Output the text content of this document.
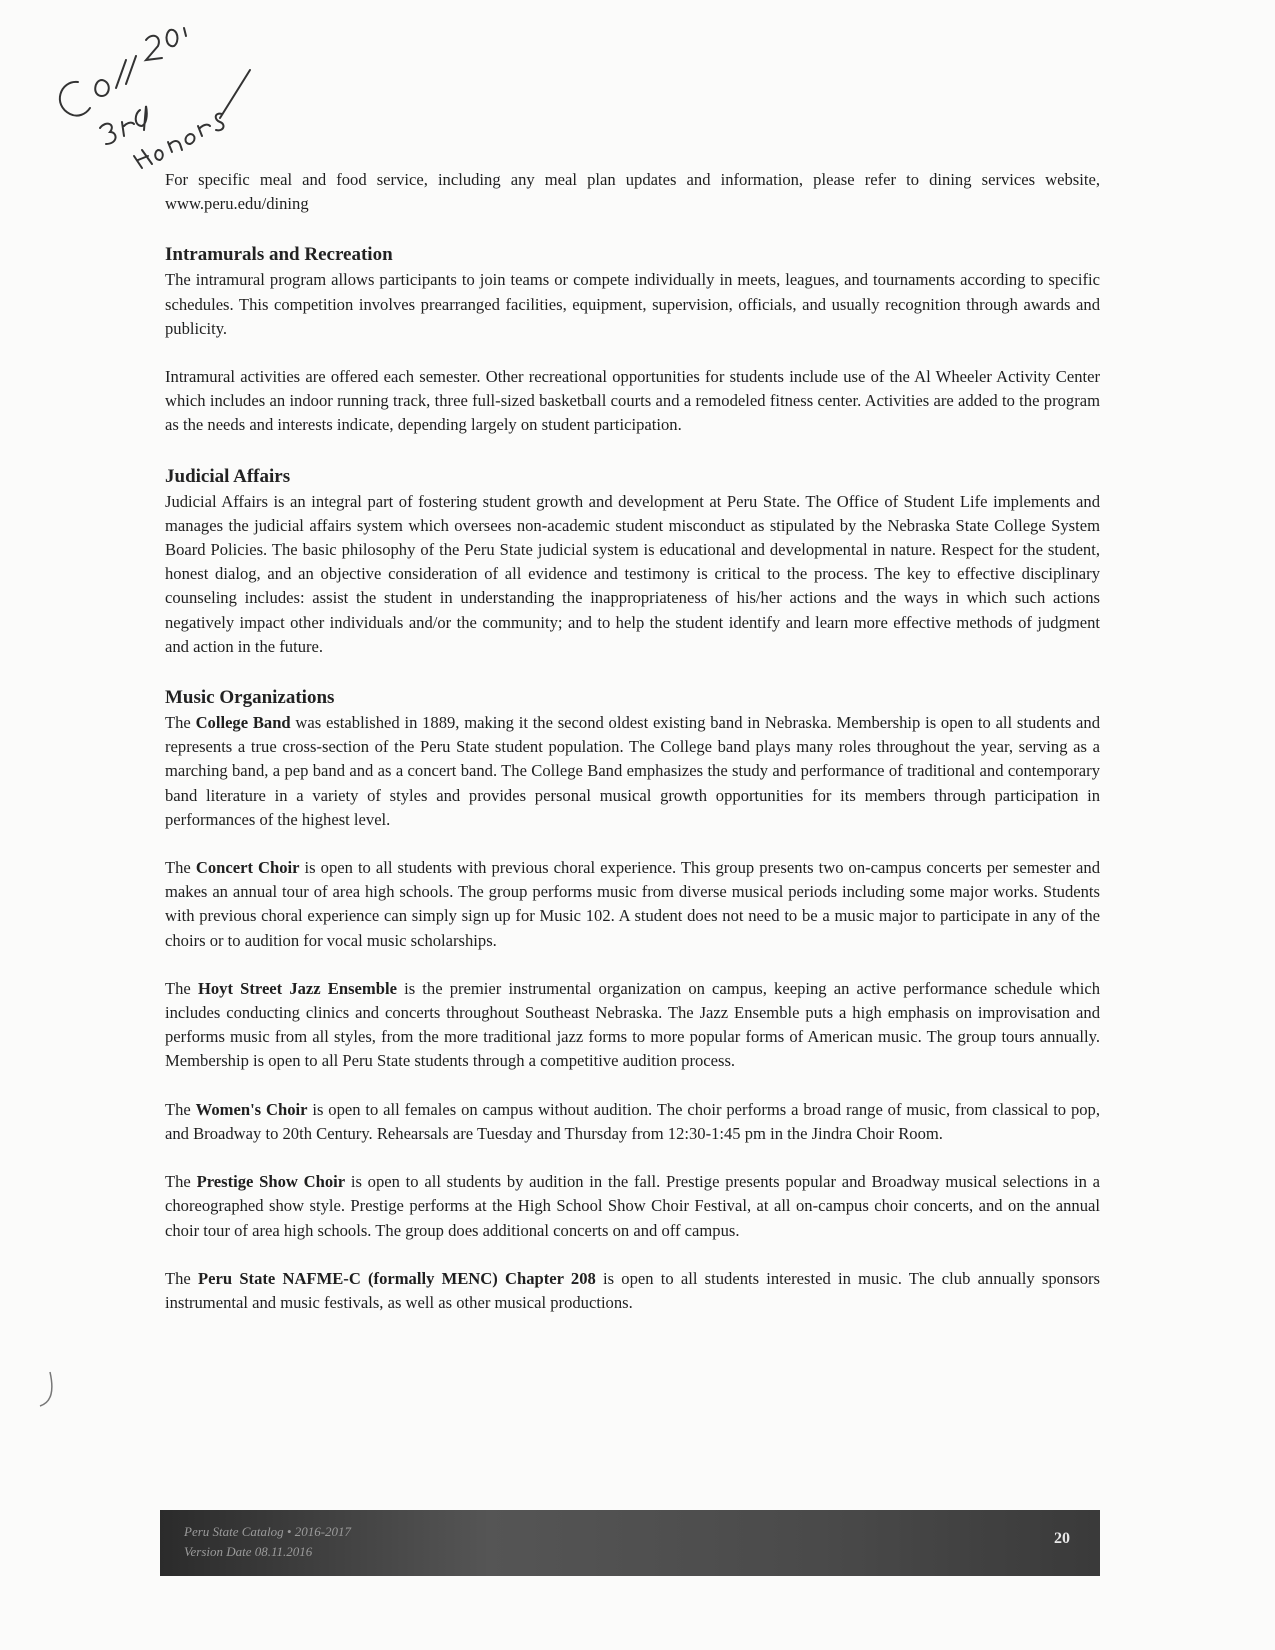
For specific meal and food service, including any meal plan updates and information, please refer to dining services website, www.peru.edu/dining

Intramurals and Recreation

The intramural program allows participants to join teams or compete individually in meets, leagues, and tournaments according to specific schedules. This competition involves prearranged facilities, equipment, supervision, officials, and usually recognition through awards and publicity.

Intramural activities are offered each semester. Other recreational opportunities for students include use of the Al Wheeler Activity Center which includes an indoor running track, three full-sized basketball courts and a remodeled fitness center. Activities are added to the program as the needs and interests indicate, depending largely on student participation.

Judicial Affairs

Judicial Affairs is an integral part of fostering student growth and development at Peru State. The Office of Student Life implements and manages the judicial affairs system which oversees non-academic student misconduct as stipulated by the Nebraska State College System Board Policies. The basic philosophy of the Peru State judicial system is educational and developmental in nature. Respect for the student, honest dialog, and an objective consideration of all evidence and testimony is critical to the process. The key to effective disciplinary counseling includes: assist the student in understanding the inappropriateness of his/her actions and the ways in which such actions negatively impact other individuals and/or the community; and to help the student identify and learn more effective methods of judgment and action in the future.

Music Organizations

The College Band was established in 1889, making it the second oldest existing band in Nebraska. Membership is open to all students and represents a true cross-section of the Peru State student population. The College band plays many roles throughout the year, serving as a marching band, a pep band and as a concert band. The College Band emphasizes the study and performance of traditional and contemporary band literature in a variety of styles and provides personal musical growth opportunities for its members through participation in performances of the highest level.

The Concert Choir is open to all students with previous choral experience. This group presents two on-campus concerts per semester and makes an annual tour of area high schools. The group performs music from diverse musical periods including some major works. Students with previous choral experience can simply sign up for Music 102. A student does not need to be a music major to participate in any of the choirs or to audition for vocal music scholarships.

The Hoyt Street Jazz Ensemble is the premier instrumental organization on campus, keeping an active performance schedule which includes conducting clinics and concerts throughout Southeast Nebraska. The Jazz Ensemble puts a high emphasis on improvisation and performs music from all styles, from the more traditional jazz forms to more popular forms of American music. The group tours annually. Membership is open to all Peru State students through a competitive audition process.

The Women's Choir is open to all females on campus without audition. The choir performs a broad range of music, from classical to pop, and Broadway to 20th Century. Rehearsals are Tuesday and Thursday from 12:30-1:45 pm in the Jindra Choir Room.

The Prestige Show Choir is open to all students by audition in the fall. Prestige presents popular and Broadway musical selections in a choreographed show style. Prestige performs at the High School Show Choir Festival, at all on-campus choir concerts, and on the annual choir tour of area high schools. The group does additional concerts on and off campus.

The Peru State NAFME-C (formally MENC) Chapter 208 is open to all students interested in music. The club annually sponsors instrumental and music festivals, as well as other musical productions.

Peru State Catalog • 2016-2017
Version Date 08.11.2016
20
